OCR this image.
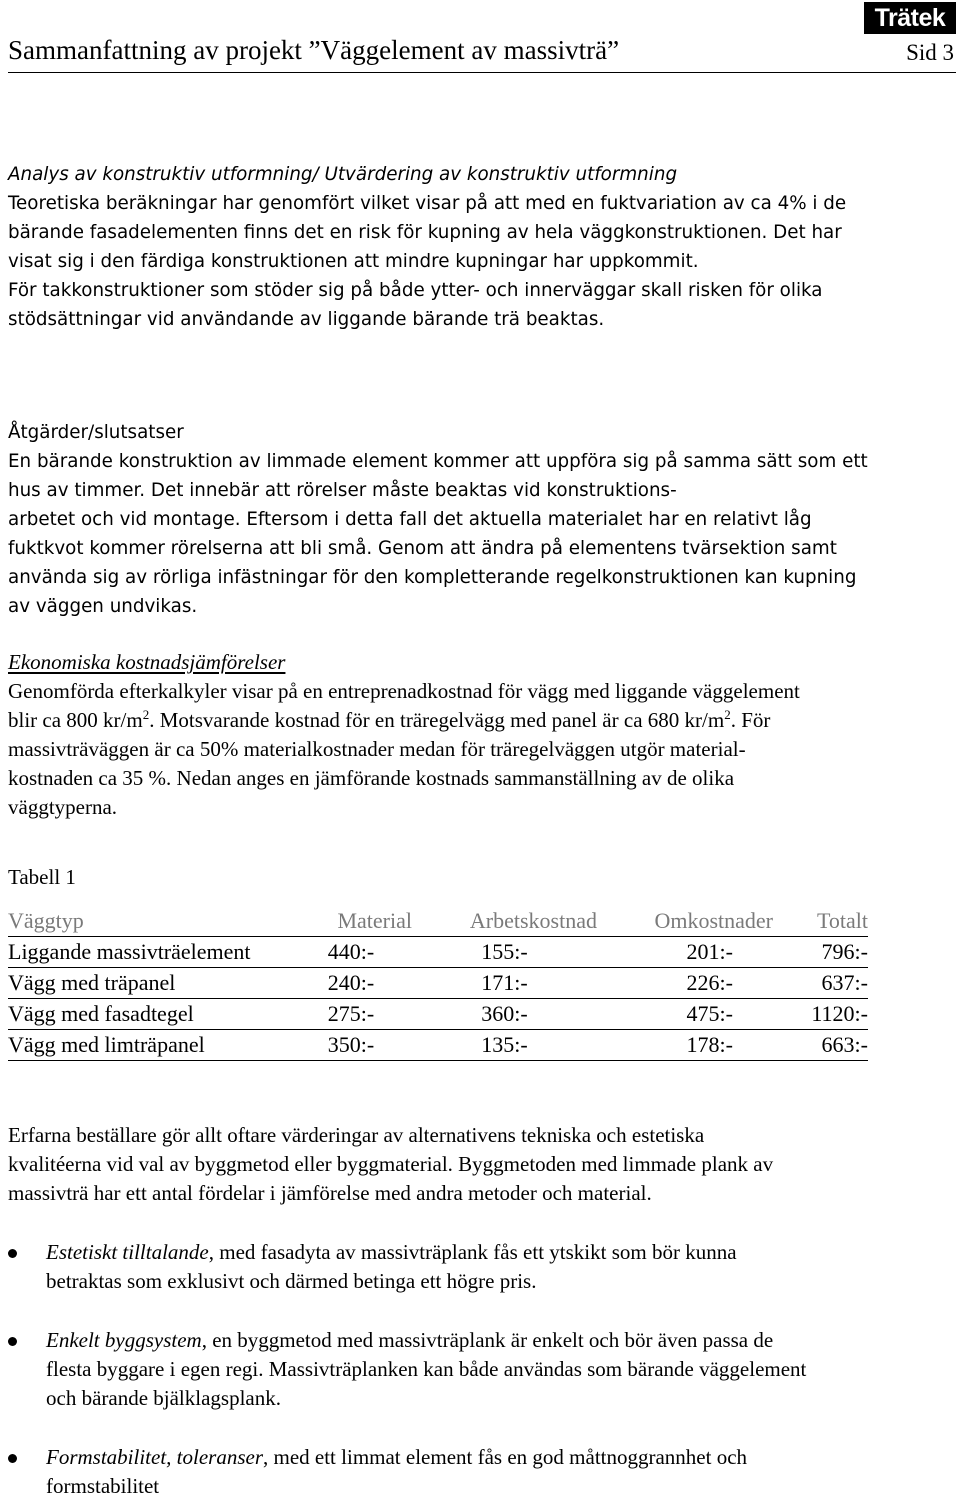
Trätek
Sammanfattning av projekt ”Väggelement av massivträ”	Sid 3
Analys av konstruktiv utformning/ Utvärdering av konstruktiv utformning
Teoretiska beräkningar har genomfört vilket visar på att med en fuktvariation av ca 4% i de
bärande fasadelementen finns det en risk för kupning av hela väggkonstruktionen. Det har
visat sig i den färdiga konstruktionen att mindre kupningar har uppkommit.
För takkonstruktioner som stöder sig på både ytter- och innerväggar skall risken för olika
stödsättningar vid användande av liggande bärande trä beaktas.
Åtgärder/slutsatser
En bärande konstruktion av limmade element kommer att uppföra sig på samma sätt som ett
hus av timmer. Det innebär att rörelser måste beaktas vid konstruktions-
arbetet och vid montage. Eftersom i detta fall det aktuella materialet har en relativt låg
fuktkvot kommer rörelserna att bli små. Genom att ändra på elementens tvärsektion samt
använda sig av rörliga infästningar för den kompletterande regelkonstruktionen kan kupning
av väggen undvikas.
Ekonomiska kostnadsjämförelser
Genomförda efterkalkyler visar på en entreprenadkostnad för vägg med liggande väggelement
blir ca 800 $kr/m^2$. Motsvarande kostnad för en träregelvägg med panel är ca 680 $kr/m^2$. För
massivträväggen är ca 50% materialkostnader medan för träregelväggen utgör material-
kostnaden ca 35 %. Nedan anges en jämförande kostnads sammanställning av de olika
väggtyperna.
Tabell 1
Väggtyp	Material	Arbetskostnad	Omkostnader	Totalt
Liggande massivträelement	440:-	155:-	201:-	796:-
Vägg med träpanel	240:-	171:-	226:-	637:-
Vägg med fasadtegel	275:-	360:-	475:-	1120:-
Vägg med limträpanel	350:-	135:-	178:-	663:-
Erfarna beställare gör allt oftare värderingar av alternativens tekniska och estetiska
kvalitéerna vid val av byggmetod eller byggmaterial. Byggmetoden med limmade plank av
massivträ har ett antal fördelar i jämförelse med andra metoder och material.
Estetiskt tilltalande, med fasadyta av massivträplank fås ett ytskikt som bör kunna
betraktas som exklusivt och därmed betinga ett högre pris.
Enkelt byggsystem, en byggmetod med massivträplank är enkelt och bör även passa de
flesta byggare i egen regi. Massivträplanken kan både användas som bärande väggelement
och bärande bjälklagsplank.
Formstabilitet, toleranser, med ett limmat element fås en god måttnoggrannhet och
formstabilitet
